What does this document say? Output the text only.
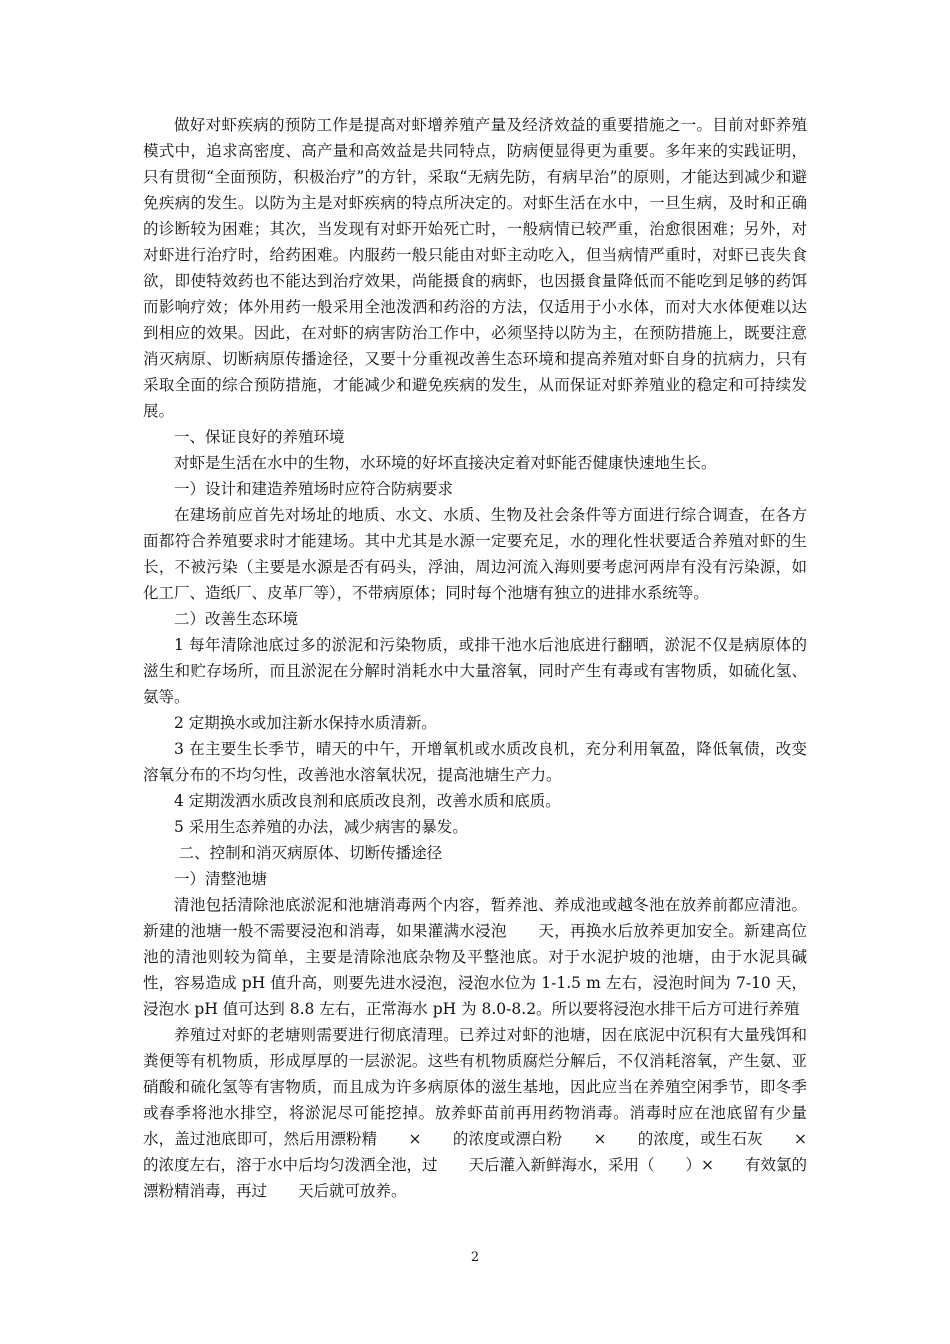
做好对虾疾病的预防工作是提高对虾增养殖产量及经济效益的重要措施之一。目前对虾养殖模式中，追求高密度、高产量和高效益是共同特点，防病便显得更为重要。多年来的实践证明，只有贯彻“全面预防，积极治疗”的方针，采取“无病先防，有病早治”的原则，才能达到减少和避免疾病的发生。以防为主是对虾疾病的特点所决定的。对虾生活在水中，一旦生病，及时和正确的诊断较为困难；其次，当发现有对虾开始死亡时，一般病情已较严重，治愈很困难；另外，对对虾进行治疗时，给药困难。内服药一般只能由对虾主动吃入，但当病情严重时，对虾已丧失食欲，即使特效药也不能达到治疗效果，尚能摄食的病虾，也因摄食量降低而不能吃到足够的药饵而影响疗效；体外用药一般采用全池泼洒和药浴的方法，仅适用于小水体，而对大水体便难以达到相应的效果。因此，在对虾的病害防治工作中，必须坚持以防为主，在预防措施上，既要注意消灭病原、切断病原传播途径，又要十分重视改善生态环境和提高养殖对虾自身的抗病力，只有采取全面的综合预防措施，才能减少和避免疾病的发生，从而保证对虾养殖业的稳定和可持续发展。

一、保证良好的养殖环境

对虾是生活在水中的生物，水环境的好坏直接决定着对虾能否健康快速地生长。

一）设计和建造养殖场时应符合防病要求

在建场前应首先对场址的地质、水文、水质、生物及社会条件等方面进行综合调查，在各方面都符合养殖要求时才能建场。其中尤其是水源一定要充足，水的理化性状要适合养殖对虾的生长，不被污染（主要是水源是否有码头，浮油，周边河流入海则要考虑河两岸有没有污染源，如化工厂、造纸厂、皮革厂等），不带病原体；同时每个池塘有独立的进排水系统等。

二）改善生态环境

1 每年清除池底过多的淤泥和污染物质，或排干池水后池底进行翻晒，淤泥不仅是病原体的滋生和贮存场所，而且淤泥在分解时消耗水中大量溶氧，同时产生有毒或有害物质，如硫化氢、氨等。

2 定期换水或加注新水保持水质清新。

3 在主要生长季节，晴天的中午，开增氧机或水质改良机，充分利用氧盈，降低氧债，改变溶氧分布的不均匀性，改善池水溶氧状况，提高池塘生产力。

4 定期泼洒水质改良剂和底质改良剂，改善水质和底质。

5 采用生态养殖的办法，减少病害的暴发。

二、控制和消灭病原体、切断传播途径

一）清整池塘

清池包括清除池底淤泥和池塘消毒两个内容，暂养池、养成池或越冬池在放养前都应清池。新建的池塘一般不需要浸泡和消毒，如果灌满水浸泡　　天，再换水后放养更加安全。新建高位池的清池则较为简单，主要是清除池底杂物及平整池底。对于水泥护坡的池塘，由于水泥具碱性，容易造成 pH 值升高，则要先进水浸泡，浸泡水位为 1-1.5 m 左右，浸泡时间为 7-10 天，浸泡水 pH 值可达到 8.8 左右，正常海水 pH 为 8.0-8.2。所以要将浸泡水排干后方可进行养殖

养殖过对虾的老塘则需要进行彻底清理。已养过对虾的池塘，因在底泥中沉积有大量残饵和粪便等有机物质，形成厚厚的一层淤泥。这些有机物质腐烂分解后，不仅消耗溶氧，产生氨、亚硝酸和硫化氢等有害物质，而且成为许多病原体的滋生基地，因此应当在养殖空闲季节，即冬季或春季将池水排空，将淤泥尽可能挖掉。放养虾苗前再用药物消毒。消毒时应在池底留有少量水，盖过池底即可，然后用漂粉精　　×　　的浓度或漂白粉　　×　　的浓度，或生石灰　　×　　的浓度左右，溶于水中后均匀泼洒全池，过　　天后灌入新鲜海水，采用（　　）×　　有效氯的漂粉精消毒，再过　　天后就可放养。

2
